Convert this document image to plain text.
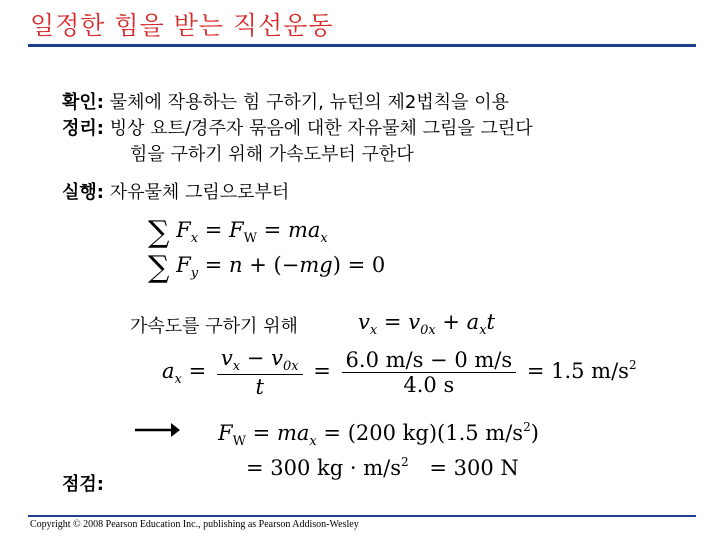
일정한 힘을 받는 직선운동
확인: 물체에 작용하는 힘 구하기, 뉴턴의 제2법칙을 이용
정리: 빙상 요트/경주자 묶음에 대한 자유물체 그림을 그린다
힘을 구하기 위해 가속도부터 구한다
실행: 자유물체 그림으로부터
∑ $F_x = F_W = ma_x$
∑ $F_y = n + (-mg) = 0$
가속도를 구하기 위해	$v_x = v_{0x} + a_xt$
$a_x = \frac{v_x - v_{0x}}{t} = \frac{6.0 m/s - 0 m/s}{4.0 s} = 1.5$ $m/s^2$
$F_W = ma_x = (200$ kg)(1.5 $m/s^2$)
= 300 kg · $m/s^2 = 300$ N
점검:
Copyright © 2008 Pearson Education Inc., publishing as Pearson Addison-Wesley
